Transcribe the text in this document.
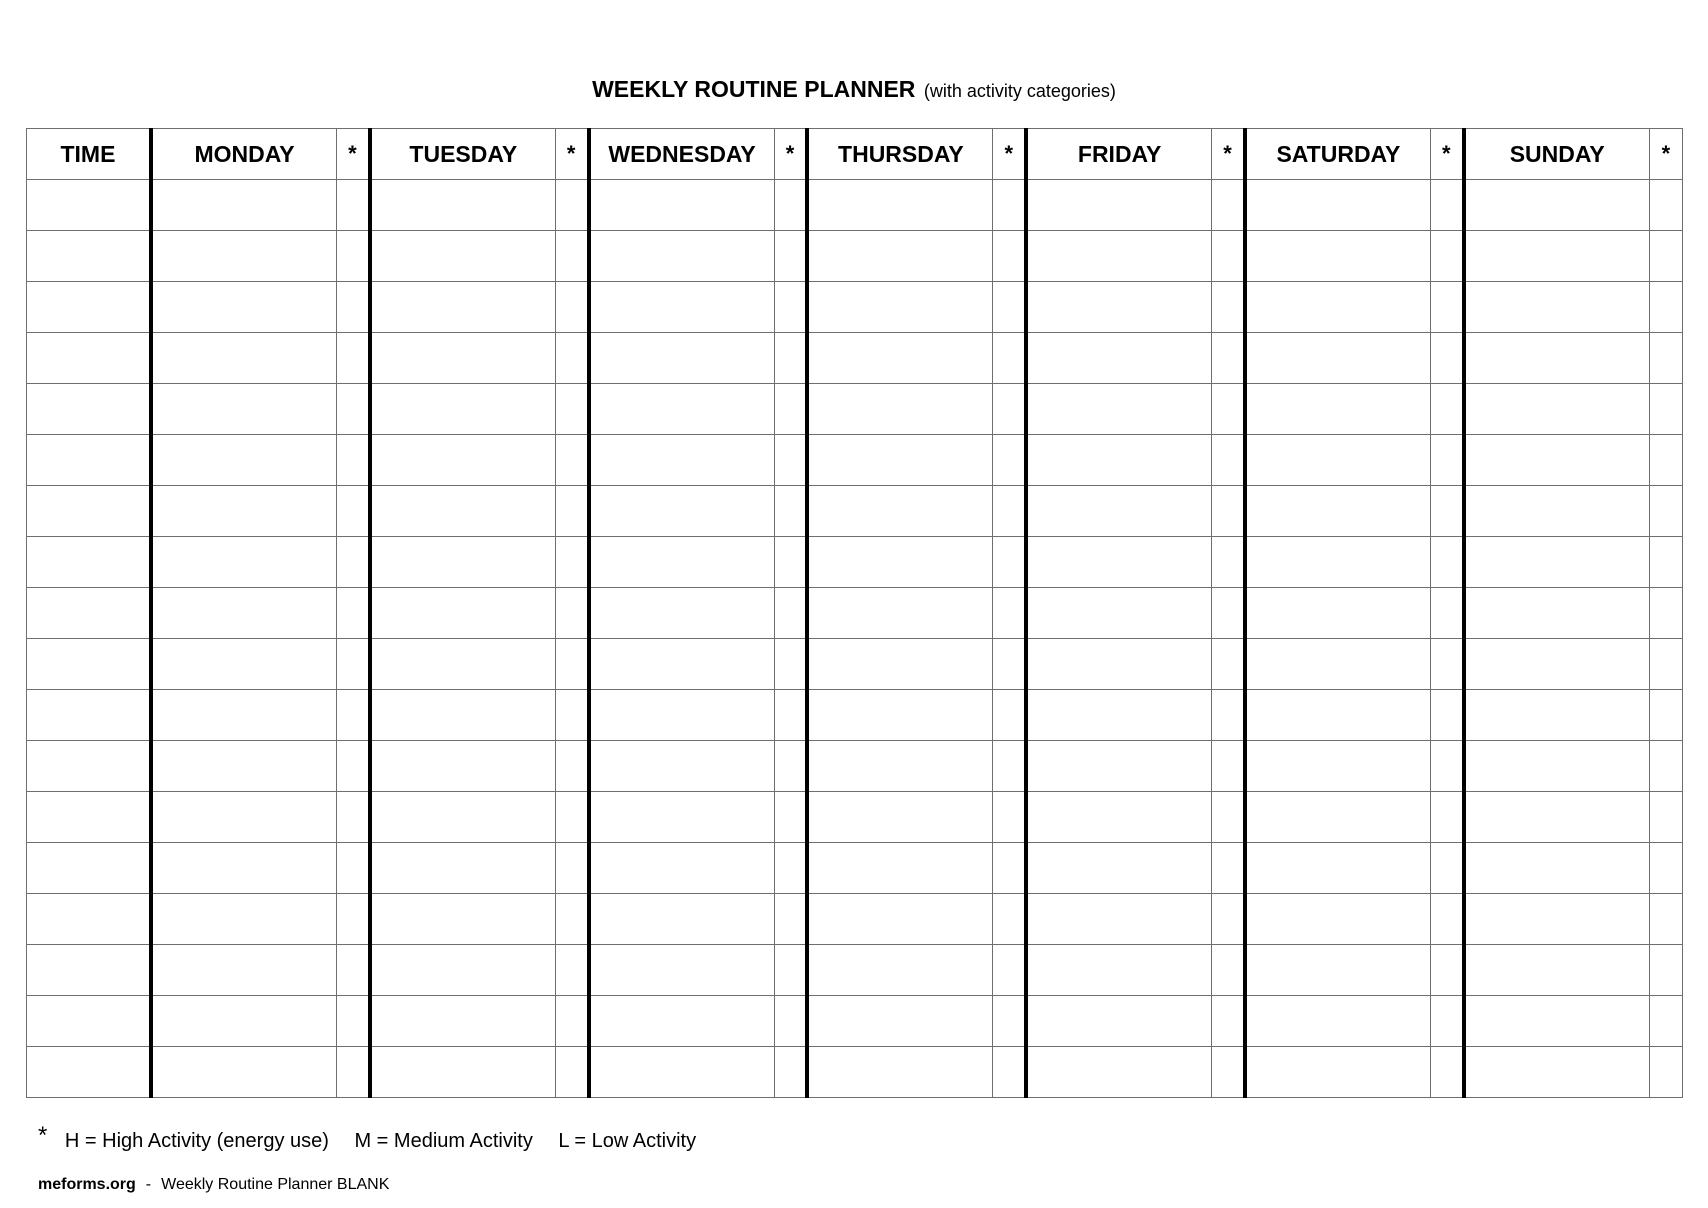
WEEKLY ROUTINE PLANNER (with activity categories)
TIME	MONDAY	*	TUESDAY	*	WEDNESDAY	*	THURSDAY	*	FRIDAY	*	SATURDAY	*	SUNDAY	*

* H = High Activity (energy use) M = Medium Activity L = Low Activity
meforms.org - Weekly Routine Planner BLANK
